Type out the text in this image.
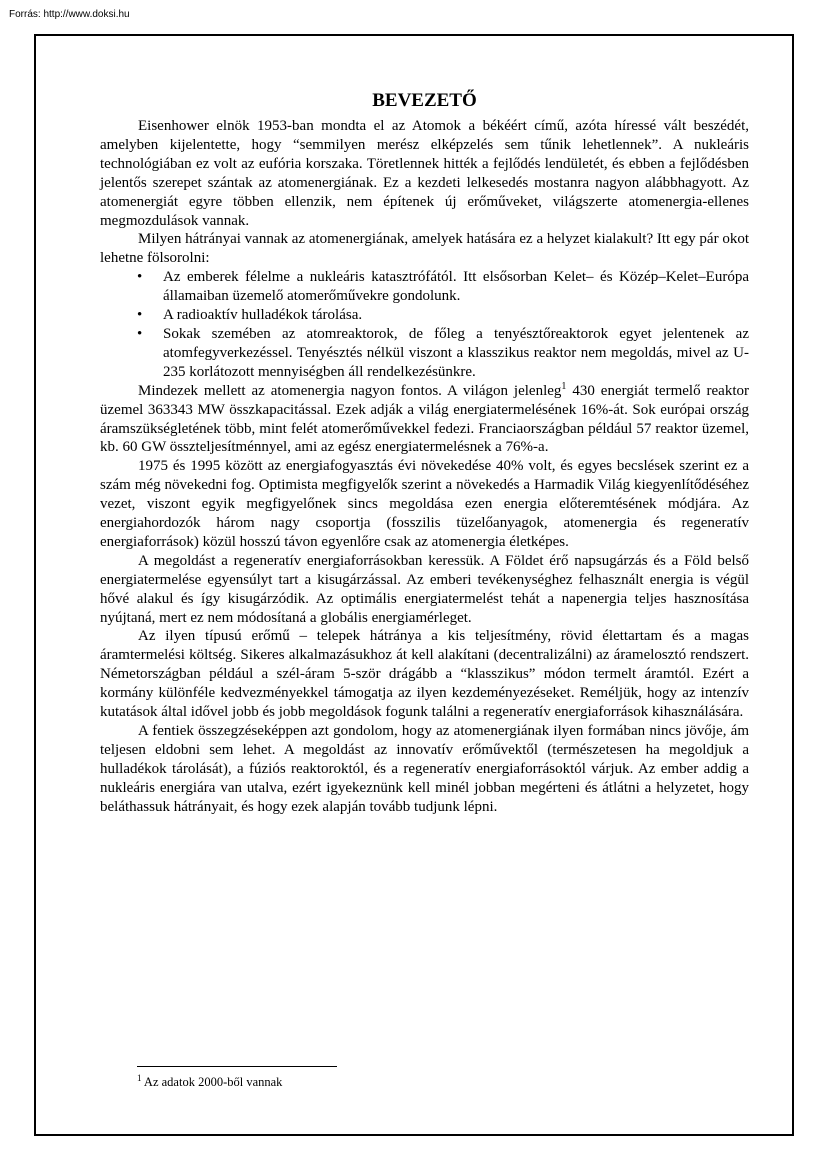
Forrás: http://www.doksi.hu
BEVEZETŐ

Eisenhower elnök 1953-ban mondta el az Atomok a békéért című, azóta híressé vált beszédét, amelyben kijelentette, hogy “semmilyen merész elképzelés sem tűnik lehetlennek”. A nukleáris technológiában ez volt az eufória korszaka. Töretlennek hitték a fejlődés lendületét, és ebben a fejlődésben jelentős szerepet szántak az atomenergiának. Ez a kezdeti lelkesedés mostanra nagyon alábbhagyott. Az atomenergiát egyre többen ellenzik, nem építenek új erőműveket, világszerte atomenergia-ellenes megmozdulások vannak.

Milyen hátrányai vannak az atomenergiának, amelyek hatására ez a helyzet kialakult? Itt egy pár okot lehetne fölsorolni:

• Az emberek félelme a nukleáris katasztrófától. Itt elsősorban Kelet– és Közép–Kelet–Európa államaiban üzemelő atomerőművekre gondolunk.
• A radioaktív hulladékok tárolása.
• Sokak szemében az atomreaktorok, de főleg a tenyésztőreaktorok egyet jelentenek az atomfegyverkezéssel. Tenyésztés nélkül viszont a klasszikus reaktor nem megoldás, mivel az U-235 korlátozott mennyiségben áll rendelkezésünkre.

Mindezek mellett az atomenergia nagyon fontos. A világon jelenleg$^1$ 430 energiát termelő reaktor üzemel 363343 MW összkapacitással. Ezek adják a világ energiatermelésének 16%-át. Sok európai ország áramszükségletének több, mint felét atomerőművekkel fedezi. Franciaországban például 57 reaktor üzemel, kb. 60 GW összteljesítménnyel, ami az egész energiatermelésnek a 76%-a.

1975 és 1995 között az energiafogyasztás évi növekedése 40% volt, és egyes becslések szerint ez a szám még növekedni fog. Optimista megfigyelők szerint a növekedés a Harmadik Világ kiegyenlítődéséhez vezet, viszont egyik megfigyelőnek sincs megoldása ezen energia előteremtésének módjára. Az energiahordozók három nagy csoportja (fosszilis tüzelőanyagok, atomenergia és regeneratív energiaforrások) közül hosszú távon egyenlőre csak az atomenergia életképes.

A megoldást a regeneratív energiaforrásokban keressük. A Földet érő napsugárzás és a Föld belső energiatermelése egyensúlyt tart a kisugárzással. Az emberi tevékenységhez felhasznált energia is végül hővé alakul és így kisugárzódik. Az optimális energiatermelést tehát a napenergia teljes hasznosítása nyújtaná, mert ez nem módosítaná a globális energiamérleget.

Az ilyen típusú erőmű – telepek hátránya a kis teljesítmény, rövid élettartam és a magas áramtermelési költség. Sikeres alkalmazásukhoz át kell alakítani (decentralizálni) az áramelosztó rendszert. Németországban például a szél-áram 5-ször drágább a “klasszikus” módon termelt áramtól. Ezért a kormány különféle kedvezményekkel támogatja az ilyen kezdeményezéseket. Reméljük, hogy az intenzív kutatások által idővel jobb és jobb megoldások fogunk találni a regeneratív energiaforrások kihasználására.

A fentiek összegzéseképpen azt gondolom, hogy az atomenergiának ilyen formában nincs jövője, ám teljesen eldobni sem lehet. A megoldást az innovatív erőművektől (természetesen ha megoldjuk a hulladékok tárolását), a fúziós reaktoroktól, és a regeneratív energiaforrásoktól várjuk. Az ember addig a nukleáris energiára van utalva, ezért igyekeznünk kell minél jobban megérteni és átlátni a helyzetet, hogy beláthassuk hátrányait, és hogy ezek alapján tovább tudjunk lépni.

$^1$ Az adatok 2000-ből vannak
